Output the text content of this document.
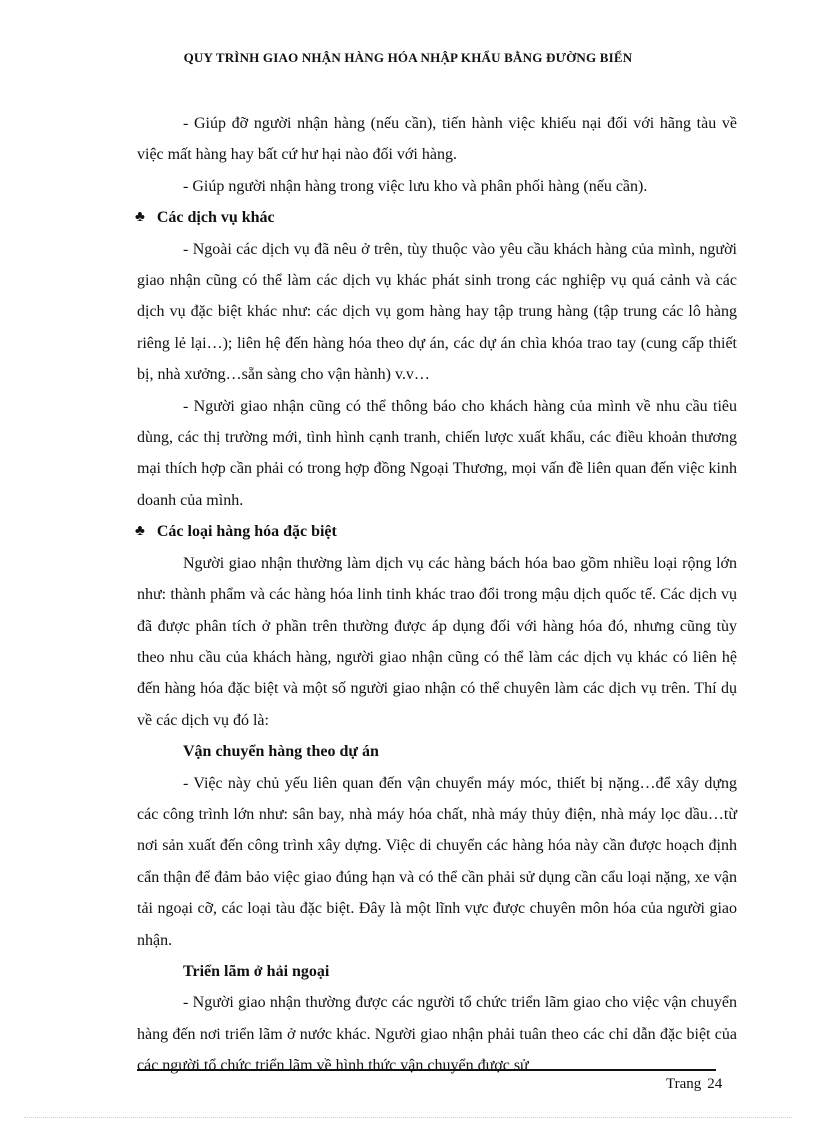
QUY TRÌNH GIAO NHẬN HÀNG HÓA NHẬP KHẨU BẰNG ĐƯỜNG BIỂN

- Giúp đỡ người nhận hàng (nếu cần), tiến hành việc khiếu nại đối với hãng tàu về việc mất hàng hay bất cứ hư hại nào đối với hàng.

- Giúp người nhận hàng trong việc lưu kho và phân phối hàng (nếu cần).

♣ Các dịch vụ khác

- Ngoài các dịch vụ đã nêu ở trên, tùy thuộc vào yêu cầu khách hàng của mình, người giao nhận cũng có thể làm các dịch vụ khác phát sinh trong các nghiệp vụ quá cảnh và các dịch vụ đặc biệt khác như: các dịch vụ gom hàng hay tập trung hàng (tập trung các lô hàng riêng lẻ lại…); liên hệ đến hàng hóa theo dự án, các dự án chìa khóa trao tay (cung cấp thiết bị, nhà xưởng…sẵn sàng cho vận hành) v.v…

- Người giao nhận cũng có thể thông báo cho khách hàng của mình về nhu cầu tiêu dùng, các thị trường mới, tình hình cạnh tranh, chiến lược xuất khẩu, các điều khoản thương mại thích hợp cần phải có trong hợp đồng Ngoại Thương, mọi vấn đề liên quan đến việc kinh doanh của mình.

♣ Các loại hàng hóa đặc biệt

Người giao nhận thường làm dịch vụ các hàng bách hóa bao gồm nhiều loại rộng lớn như: thành phẩm và các hàng hóa linh tinh khác trao đổi trong mậu dịch quốc tế. Các dịch vụ đã được phân tích ở phần trên thường được áp dụng đối với hàng hóa đó, nhưng cũng tùy theo nhu cầu của khách hàng, người giao nhận cũng có thể làm các dịch vụ khác có liên hệ đến hàng hóa đặc biệt và một số người giao nhận có thể chuyên làm các dịch vụ trên. Thí dụ về các dịch vụ đó là:

Vận chuyển hàng theo dự án

- Việc này chủ yếu liên quan đến vận chuyển máy móc, thiết bị nặng…để xây dựng các công trình lớn như: sân bay, nhà máy hóa chất, nhà máy thủy điện, nhà máy lọc dầu…từ nơi sản xuất đến công trình xây dựng. Việc di chuyển các hàng hóa này cần được hoạch định cẩn thận để đảm bảo việc giao đúng hạn và có thể cần phải sử dụng cần cẩu loại nặng, xe vận tải ngoại cỡ, các loại tàu đặc biệt. Đây là một lĩnh vực được chuyên môn hóa của người giao nhận.

Triển lãm ở hải ngoại

- Người giao nhận thường được các người tổ chức triển lãm giao cho việc vận chuyển hàng đến nơi triển lãm ở nước khác. Người giao nhận phải tuân theo các chỉ dẫn đặc biệt của các người tổ chức triển lãm về hình thức vận chuyển được sử

Trang 24
